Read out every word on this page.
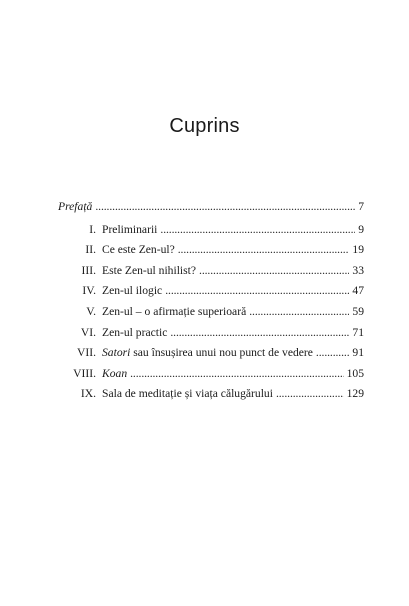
Cuprins
Prefață . . .	7
I. Preliminarii . . .	9
II. Ce este Zen-ul? . . .	19
III. Este Zen-ul nihilist? . . .	33
IV. Zen-ul ilogic . . .	47
V. Zen-ul – o afirmație superioară . . .	59
VI. Zen-ul practic . . .	71
VII. Satori sau însușirea unui nou punct de vedere . . .	91
VIII. Koan . . .	105
IX. Sala de meditație și viața călugărului . . .	129
